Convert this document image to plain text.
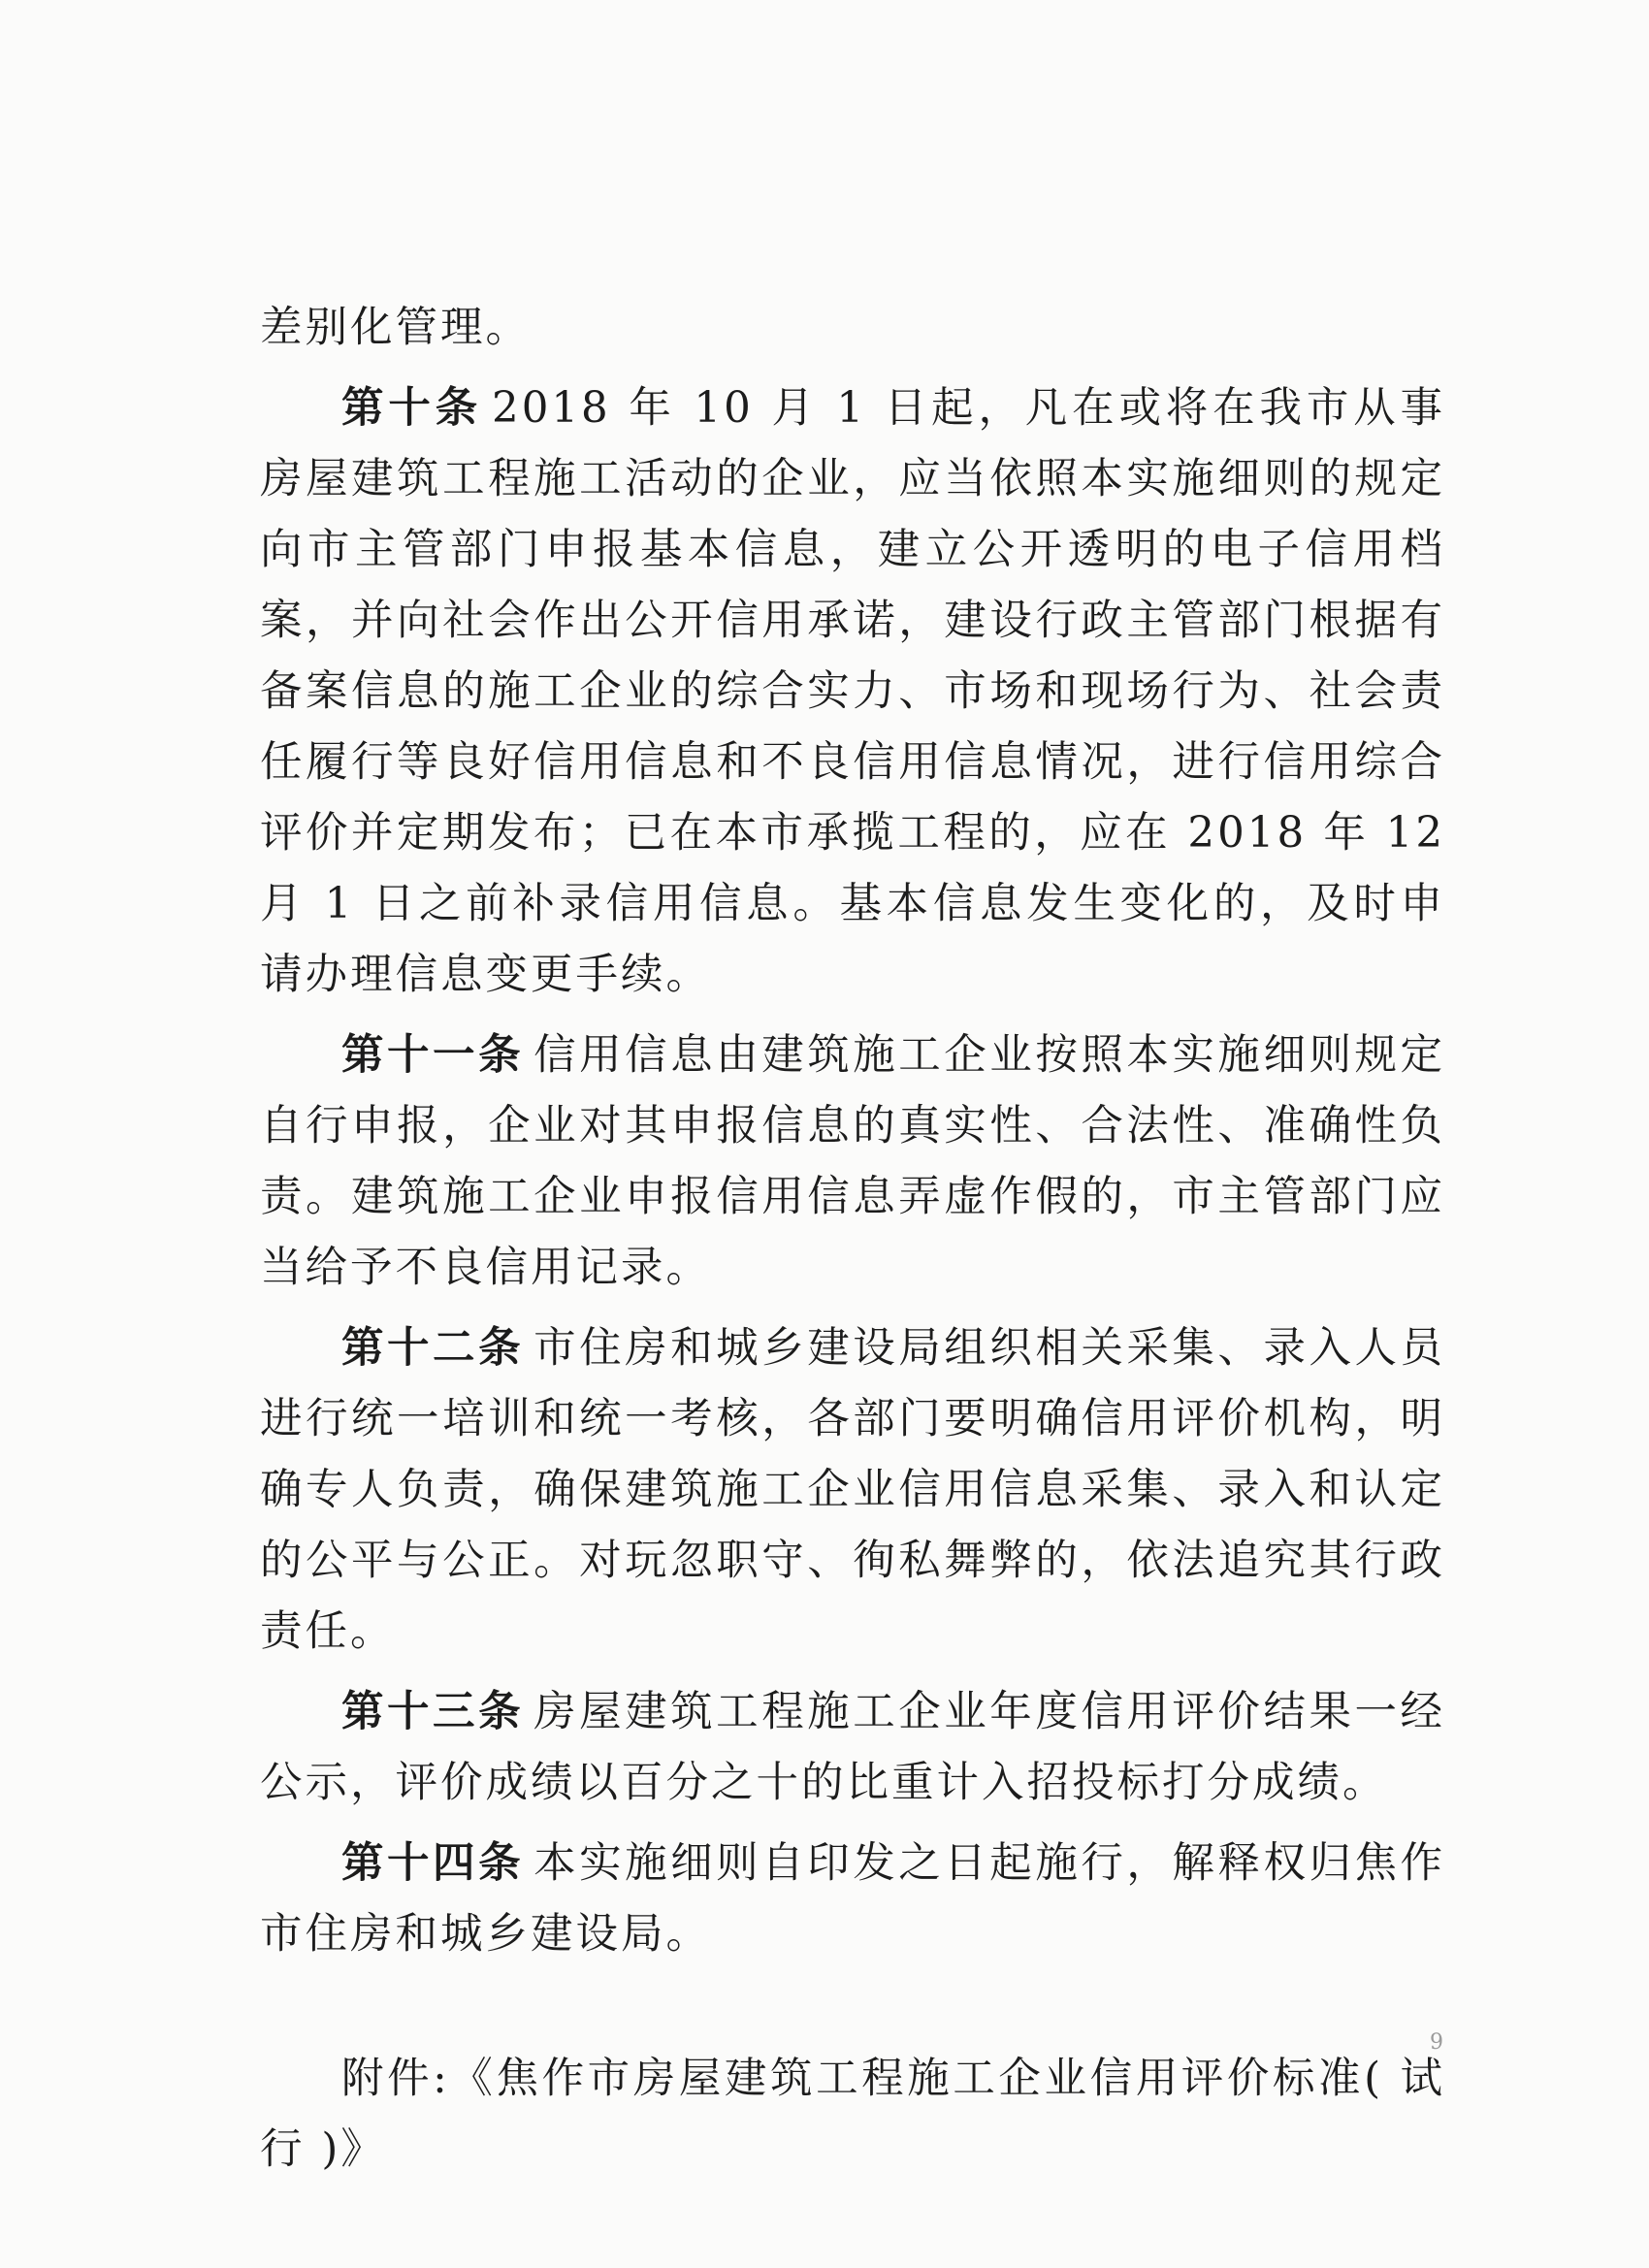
差别化管理。

第十条 2018 年 10 月 1 日起，凡在或将在我市从事房屋建筑工程施工活动的企业，应当依照本实施细则的规定向市主管部门申报基本信息，建立公开透明的电子信用档案，并向社会作出公开信用承诺，建设行政主管部门根据有备案信息的施工企业的综合实力、市场和现场行为、社会责任履行等良好信用信息和不良信用信息情况，进行信用综合评价并定期发布；已在本市承揽工程的，应在 2018 年 12 月 1 日之前补录信用信息。基本信息发生变化的，及时申请办理信息变更手续。

第十一条 信用信息由建筑施工企业按照本实施细则规定自行申报，企业对其申报信息的真实性、合法性、准确性负责。建筑施工企业申报信用信息弄虚作假的，市主管部门应当给予不良信用记录。

第十二条 市住房和城乡建设局组织相关采集、录入人员进行统一培训和统一考核，各部门要明确信用评价机构，明确专人负责，确保建筑施工企业信用信息采集、录入和认定的公平与公正。对玩忽职守、徇私舞弊的，依法追究其行政责任。

第十三条 房屋建筑工程施工企业年度信用评价结果一经公示，评价成绩以百分之十的比重计入招投标打分成绩。

第十四条 本实施细则自印发之日起施行，解释权归焦作市住房和城乡建设局。

附件:《焦作市房屋建筑工程施工企业信用评价标准( 试行 )》

9
